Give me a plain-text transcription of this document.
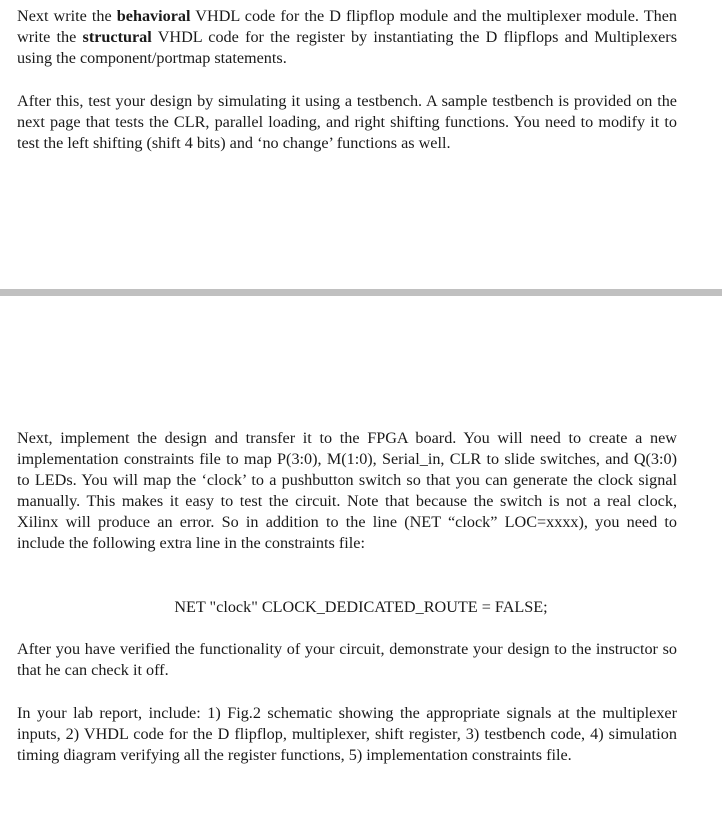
Next write the behavioral VHDL code for the D flipflop module and the multiplexer module. Then write the structural VHDL code for the register by instantiating the D flipflops and Multiplexers using the component/portmap statements.

After this, test your design by simulating it using a testbench. A sample testbench is provided on the next page that tests the CLR, parallel loading, and right shifting functions. You need to modify it to test the left shifting (shift 4 bits) and ‘no change’ functions as well.

Next, implement the design and transfer it to the FPGA board. You will need to create a new implementation constraints file to map P(3:0), M(1:0), Serial_in, CLR to slide switches, and Q(3:0) to LEDs. You will map the ‘clock’ to a pushbutton switch so that you can generate the clock signal manually. This makes it easy to test the circuit. Note that because the switch is not a real clock, Xilinx will produce an error. So in addition to the line (NET “clock” LOC=xxxx), you need to include the following extra line in the constraints file:

NET "clock" CLOCK_DEDICATED_ROUTE = FALSE;

After you have verified the functionality of your circuit, demonstrate your design to the instructor so that he can check it off.

In your lab report, include: 1) Fig.2 schematic showing the appropriate signals at the multiplexer inputs, 2) VHDL code for the D flipflop, multiplexer, shift register, 3) testbench code, 4) simulation timing diagram verifying all the register functions, 5) implementation constraints file.
